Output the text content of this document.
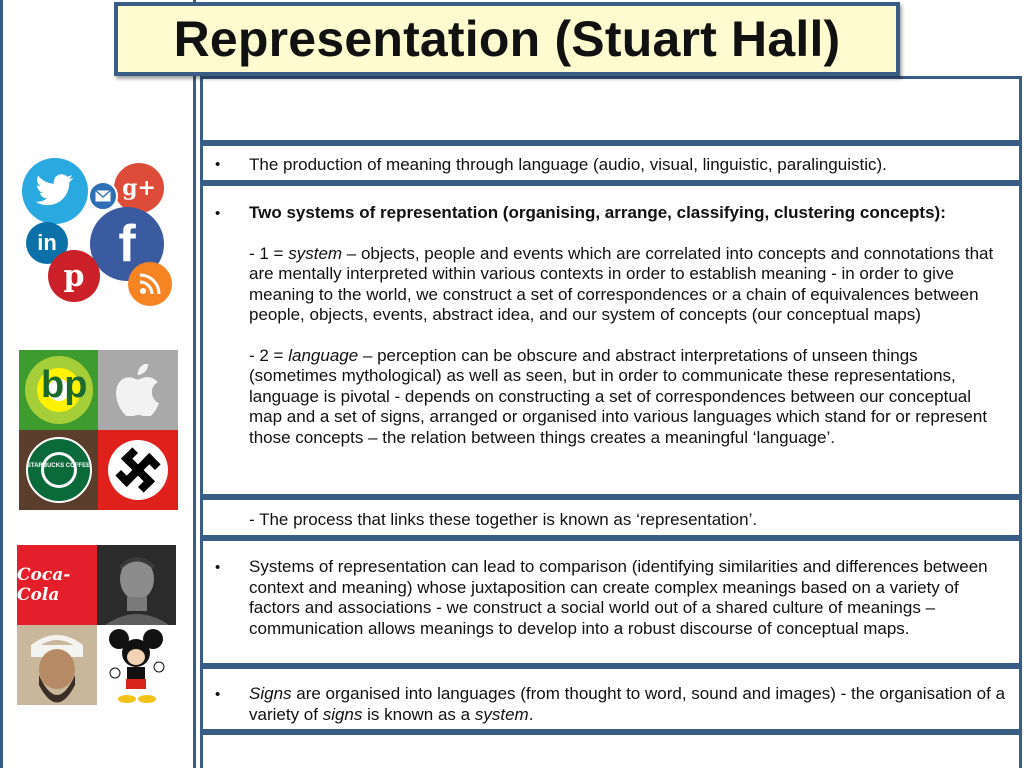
g+
in f
p
bp
STARBUCKS COFFEE
Coca-Cola
• The production of meaning through language (audio, visual, linguistic, paralinguistic).
• Two systems of representation (organising, arrange, classifying, clustering concepts):
- 1 = system – objects, people and events which are correlated into concepts and connotations that are mentally interpreted within various contexts in order to establish meaning - in order to give meaning to the world, we construct a set of correspondences or a chain of equivalences between people, objects, events, abstract idea, and our system of concepts (our conceptual maps)
- 2 = language – perception can be obscure and abstract interpretations of unseen things (sometimes mythological) as well as seen, but in order to communicate these representations, language is pivotal - depends on constructing a set of correspondences between our conceptual map and a set of signs, arranged or organised into various languages which stand for or represent those concepts – the relation between things creates a meaningful ‘language’.
- The process that links these together is known as ‘representation’.
• Systems of representation can lead to comparison (identifying similarities and differences between context and meaning) whose juxtaposition can create complex meanings based on a variety of factors and associations - we construct a social world out of a shared culture of meanings – communication allows meanings to develop into a robust discourse of conceptual maps.
• Signs are organised into languages (from thought to word, sound and images) - the organisation of a variety of signs is known as a system.
Representation (Stuart Hall)
